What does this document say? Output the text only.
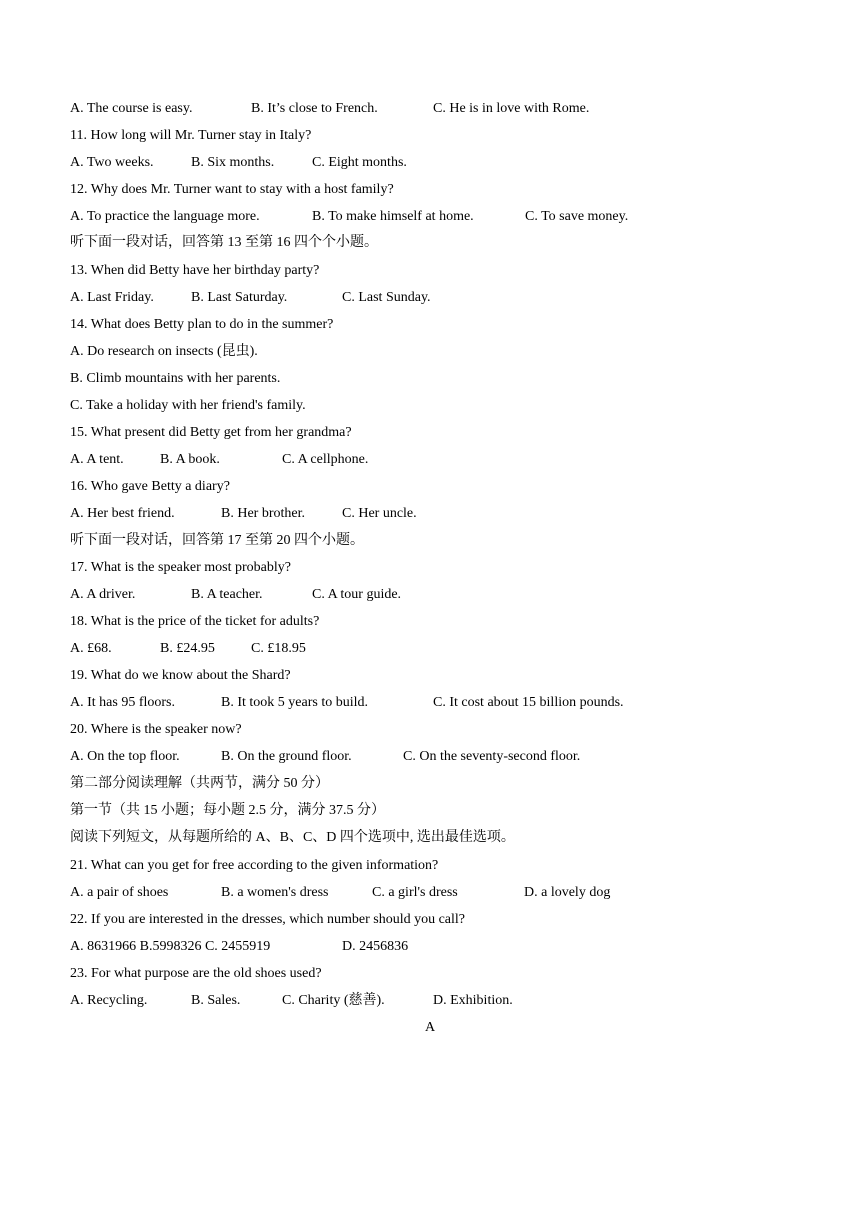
A. The course is easy.	B. It’s close to French.	C. He is in love with Rome.
11. How long will Mr. Turner stay in Italy?
A. Two weeks.	B. Six months.	C. Eight months.
12. Why does Mr. Turner want to stay with a host family?
A. To practice the language more.	B. To make himself at home.	C. To save money.
听下面一段对话，回答第 13 至第 16 四个个小题。
13. When did Betty have her birthday party?
A. Last Friday.	B. Last Saturday.	C. Last Sunday.
14. What does Betty plan to do in the summer?
A. Do research on insects (昆虫).
B. Climb mountains with her parents.
C. Take a holiday with her friend's family.
15. What present did Betty get from her grandma?
A. A tent.	B. A book.	C. A cellphone.
16. Who gave Betty a diary?
A. Her best friend.	B. Her brother.	C. Her uncle.
听下面一段对话，回答第 17 至第 20 四个小题。
17. What is the speaker most probably?
A. A driver.	B. A teacher.	C. A tour guide.
18. What is the price of the ticket for adults?
A. £68.	B. £24.95	C. £18.95
19. What do we know about the Shard?
A. It has 95 floors.	B. It took 5 years to build.	C. It cost about 15 billion pounds.
20. Where is the speaker now?
A. On the top floor.	B. On the ground floor.	C. On the seventy-second floor.
第二部分阅读理解（共两节，满分 50 分）
第一节（共 15 小题；每小题 2.5 分，满分 37.5 分）
阅读下列短文，从每题所给的 A、B、C、D 四个选项中, 选出最佳选项。
21. What can you get for free according to the given information?
A. a pair of shoes	B. a women's dress	C. a girl's dress	D. a lovely dog
22. If you are interested in the dresses, which number should you call?
A. 8631966 B.5998326 C. 2455919	D. 2456836
23. For what purpose are the old shoes used?
A. Recycling.	B. Sales.	C. Charity (慈善).	D. Exhibition.
A
